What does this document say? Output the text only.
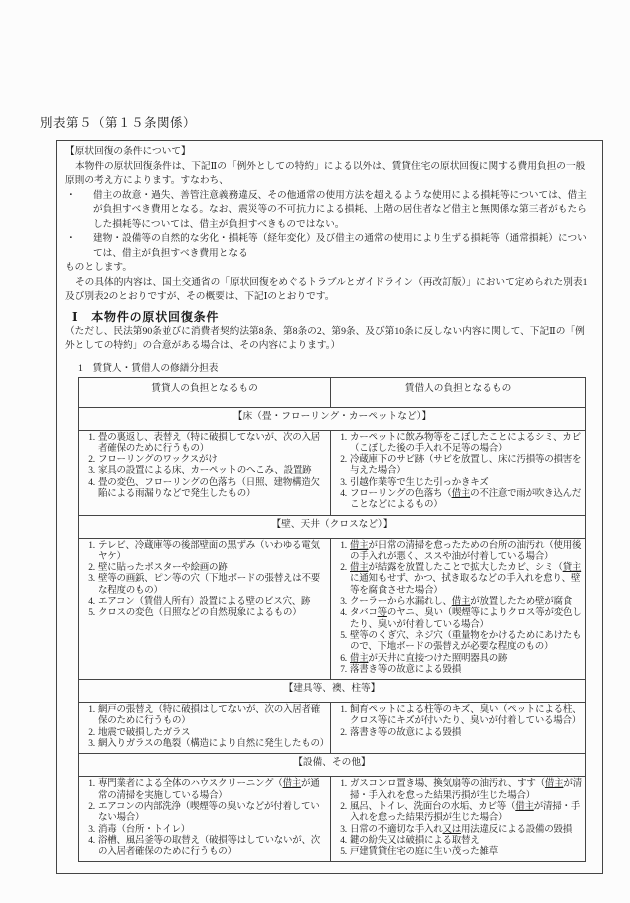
別表第５（第１５条関係）

【原状回復の条件について】

本物件の原状回復条件は、下記Ⅱの「例外としての特約」による以外は、賃貸住宅の原状回復に関する費用負担の一般原則の考え方によります。すなわち、

・	借主の故意・過失、善管注意義務違反、その他通常の使用方法を超えるような使用による損耗等については、借主が負担すべき費用となる。なお、震災等の不可抗力による損耗、上階の居住者など借主と無関係な第三者がもたらした損耗等については、借主が負担すべきものではない。
・	建物・設備等の自然的な劣化・損耗等（経年変化）及び借主の通常の使用により生ずる損耗等（通常損耗）については、借主が負担すべき費用となる

ものとします。

その具体的内容は、国土交通省の「原状回復をめぐるトラブルとガイドライン（再改訂版）」において定められた別表1及び別表2のとおりですが、その概要は、下記Ⅰのとおりです。

Ⅰ　本物件の原状回復条件

（ただし、民法第90条並びに消費者契約法第8条、第8条の2、第9条、及び第10条に反しない内容に関して、下記Ⅱの「例外としての特約」の合意がある場合は、その内容によります。）

1　賃貸人・賃借人の修繕分担表
賃貸人の負担となるもの	賃借人の負担となるもの
【床（畳・フローリング・カーペットなど）】	

1. 畳の裏返し、表替え（特に破損してないが、次の入居者確保のために行うもの）
2. フローリングのワックスがけ
3. 家具の設置による床、カーペットのへこみ、設置跡
4. 畳の変色、フローリングの色落ち（日照、建物構造欠陥による雨漏りなどで発生したもの）

1. カーペットに飲み物等をこぼしたことによるシミ、カビ（こぼした後の手入れ不足等の場合）
2. 冷蔵庫下のサビ跡（サビを放置し、床に汚損等の損害を与えた場合）
3. 引越作業等で生じた引っかきキズ
4. フローリングの色落ち（借主の不注意で雨が吹き込んだことなどによるもの）

【壁、天井（クロスなど）】	

1. テレビ、冷蔵庫等の後部壁面の黒ずみ（いわゆる電気ヤケ）
2. 壁に貼ったポスターや絵画の跡
3. 壁等の画鋲、ピン等の穴（下地ボードの張替えは不要な程度のもの）
4. エアコン（賃借人所有）設置による壁のビス穴、跡
5. クロスの変色（日照などの自然現象によるもの）

1. 借主が日常の清掃を怠ったための台所の油汚れ（使用後の手入れが悪く、ススや油が付着している場合）
2. 借主が結露を放置したことで拡大したカビ、シミ（貸主に通知もせず、かつ、拭き取るなどの手入れを怠り、壁等を腐食させた場合）
3. クーラーから水漏れし、借主が放置したため壁が腐食
4. タバコ等のヤニ、臭い（喫煙等によりクロス等が変色したり、臭いが付着している場合）
5. 壁等のくぎ穴、ネジ穴（重量物をかけるためにあけたもので、下地ボードの張替えが必要な程度のもの）
6. 借主が天井に直接つけた照明器具の跡
7. 落書き等の故意による毀損

【建具等、襖、柱等】	

1. 網戸の張替え（特に破損はしてないが、次の入居者確保のために行うもの）
2. 地震で破損したガラス
3. 網入りガラスの亀裂（構造により自然に発生したもの）

1. 飼育ペットによる柱等のキズ、臭い（ペットによる柱、クロス等にキズが付いたり、臭いが付着している場合）
2. 落書き等の故意による毀損

【設備、その他】	

1. 専門業者による全体のハウスクリーニング（借主が通常の清掃を実施している場合）
2. エアコンの内部洗浄（喫煙等の臭いなどが付着していない場合）
3. 消毒（台所・トイレ）
4. 浴槽、風呂釜等の取替え（破損等はしていないが、次の入居者確保のために行うもの）

1. ガスコンロ置き場、換気扇等の油汚れ、すす（借主が清掃・手入れを怠った結果汚損が生じた場合）
2. 風呂、トイレ、洗面台の水垢、カビ等（借主が清掃・手入れを怠った結果汚損が生じた場合）
3. 日常の不適切な手入れ又は用法違反による設備の毀損
4. 鍵の紛失又は破損による取替え
5. 戸建賃貸住宅の庭に生い茂った雑草
